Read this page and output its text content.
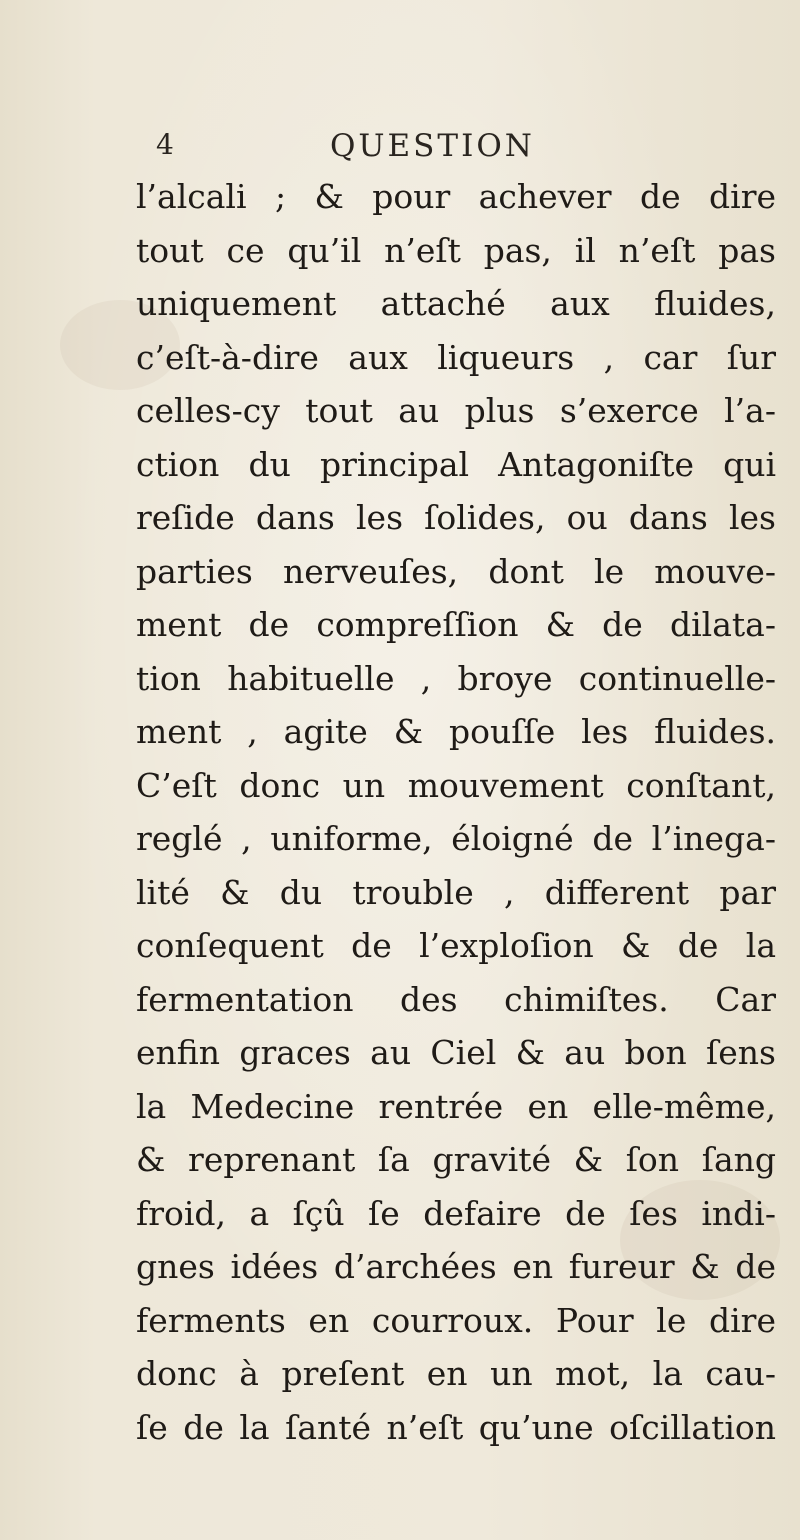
4	QUESTION
l’alcali ; & pour achever de dire
tout ce qu’il n’eſt pas, il n’eſt pas
uniquement attaché aux fluides,
c’eſt-à-dire aux liqueurs , car ſur
celles-cy tout au plus s’exerce l’a-
ction du principal Antagoniſte qui
reſide dans les ſolides, ou dans les
parties nerveuſes, dont le mouve-
ment de compreſſion & de dilata-
tion habituelle , broye continuelle-
ment , agite & pouſſe les fluides.
C’eſt donc un mouvement conſtant,
reglé , uniforme, éloigné de l’inega-
lité & du trouble , different par
conſequent de l’exploſion & de la
fermentation des chimiſtes. Car
enfin graces au Ciel & au bon ſens
la Medecine rentrée en elle-même,
& reprenant ſa gravité & ſon ſang
froid, a ſçû ſe defaire de ſes indi-
gnes idées d’archées en fureur & de
ferments en courroux. Pour le dire
donc à preſent en un mot, la cau-
ſe de la ſanté n’eſt qu’une oſcillation
